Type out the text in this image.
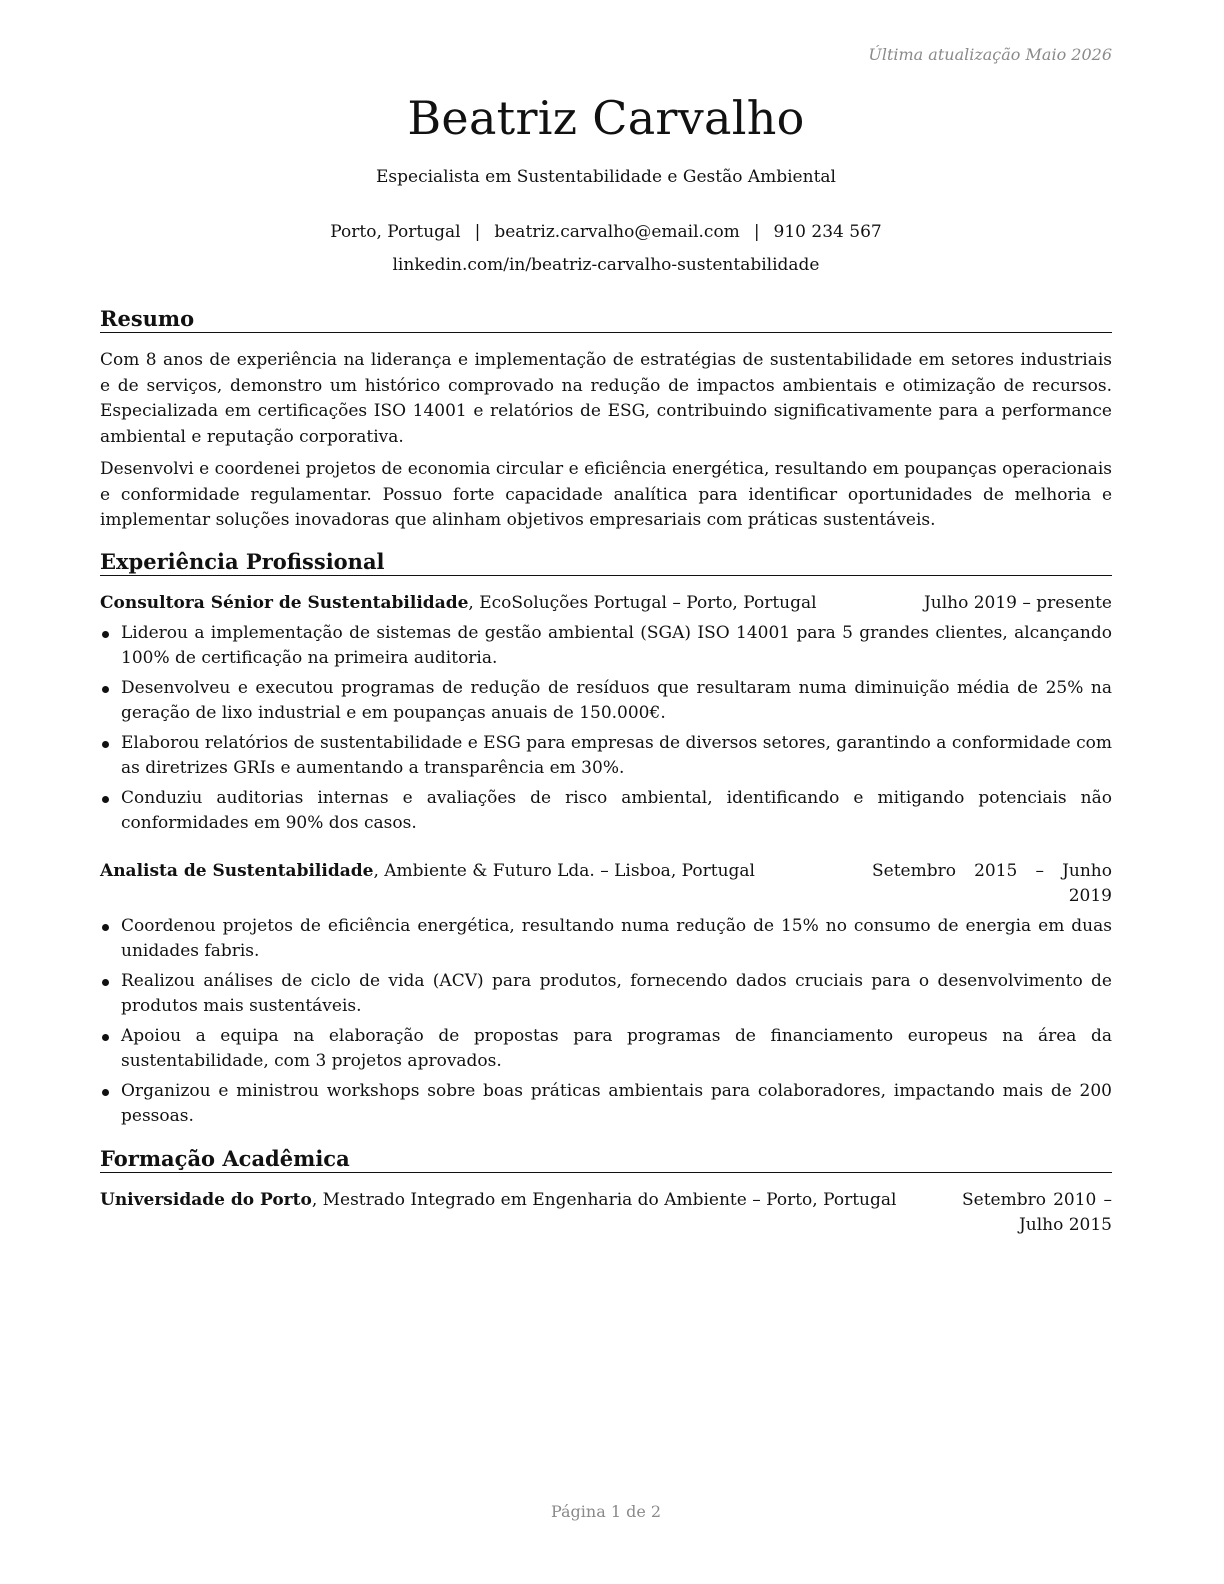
Última atualização Maio 2026
Beatriz Carvalho
Especialista em Sustentabilidade e Gestão Ambiental
Porto, Portugal | beatriz.carvalho@email.com | 910 234 567
linkedin.com/in/beatriz-carvalho-sustentabilidade
Resumo

Com 8 anos de experiência na liderança e implementação de estratégias de sustentabilidade em setores industriais e de serviços, demonstro um histórico comprovado na redução de impactos ambientais e otimização de recursos. Especializada em certificações ISO 14001 e relatórios de ESG, contribuindo significativamente para a performance ambiental e reputação corporativa.

Desenvolvi e coordenei projetos de economia circular e eficiência energética, resultando em poupanças operacionais e conformidade regulamentar. Possuo forte capacidade analítica para identificar oportunidades de melhoria e implementar soluções inovadoras que alinham objetivos empresariais com práticas sustentáveis.

Experiência Profissional
Consultora Sénior de Sustentabilidade, EcoSoluções Portugal – Porto, Portugal	Julho 2019 – presente
Liderou a implementação de sistemas de gestão ambiental (SGA) ISO 14001 para 5 grandes clientes, alcançando 100% de certificação na primeira auditoria.
Desenvolveu e executou programas de redução de resíduos que resultaram numa diminuição média de 25% na geração de lixo industrial e em poupanças anuais de 150.000€.
Elaborou relatórios de sustentabilidade e ESG para empresas de diversos setores, garantindo a conformidade com as diretrizes GRIs e aumentando a transparência em 30%.
Conduziu auditorias internas e avaliações de risco ambiental, identificando e mitigando potenciais não conformidades em 90% dos casos.
Analista de Sustentabilidade, Ambiente & Futuro Lda. – Lisboa, Portugal	Setembro 2015 – Junho 2019
Coordenou projetos de eficiência energética, resultando numa redução de 15% no consumo de energia em duas unidades fabris.
Realizou análises de ciclo de vida (ACV) para produtos, fornecendo dados cruciais para o desenvolvimento de produtos mais sustentáveis.
Apoiou a equipa na elaboração de propostas para programas de financiamento europeus na área da sustentabilidade, com 3 projetos aprovados.
Organizou e ministrou workshops sobre boas práticas ambientais para colaboradores, impactando mais de 200 pessoas.
Formação Acadêmica
Universidade do Porto, Mestrado Integrado em Engenharia do Ambiente – Porto, Portugal	Setembro 2010 – Julho 2015
Página 1 de 2
